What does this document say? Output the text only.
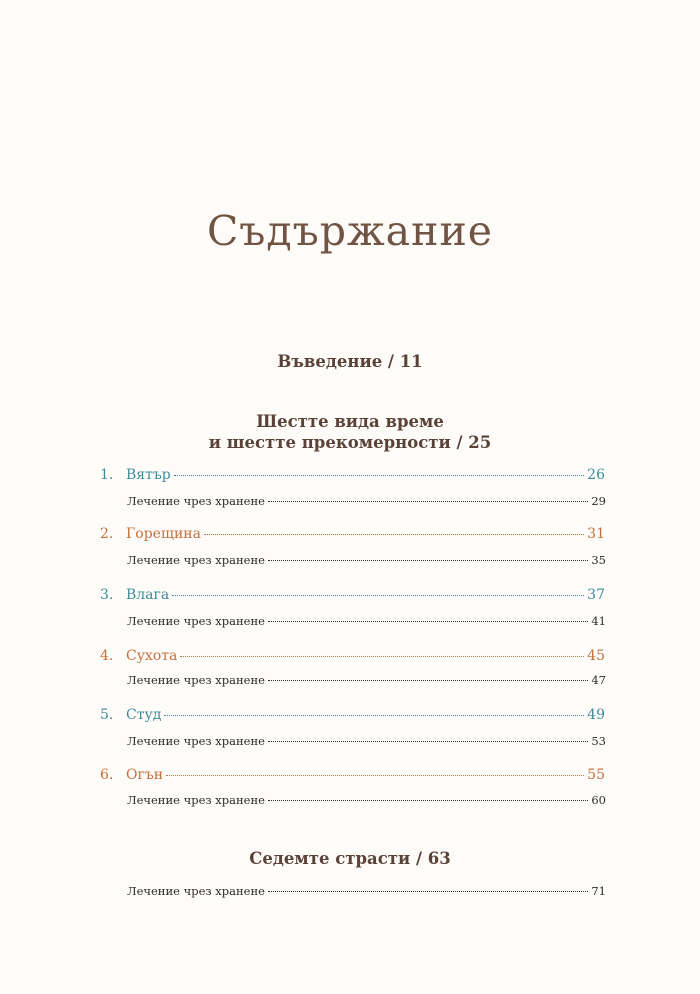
Съдържание
Въведение / 11
Шестте вида време
и шестте прекомерности / 25
1. Вятър	26
Лечение чрез хранене	29
2. Горещина	31
Лечение чрез хранене	35
3. Влага	37
Лечение чрез хранене	41
4. Сухота	45
Лечение чрез хранене	47
5. Студ	49
Лечение чрез хранене	53
6. Огън	55
Лечение чрез хранене	60
Седемте страсти / 63
Лечение чрез хранене	71
